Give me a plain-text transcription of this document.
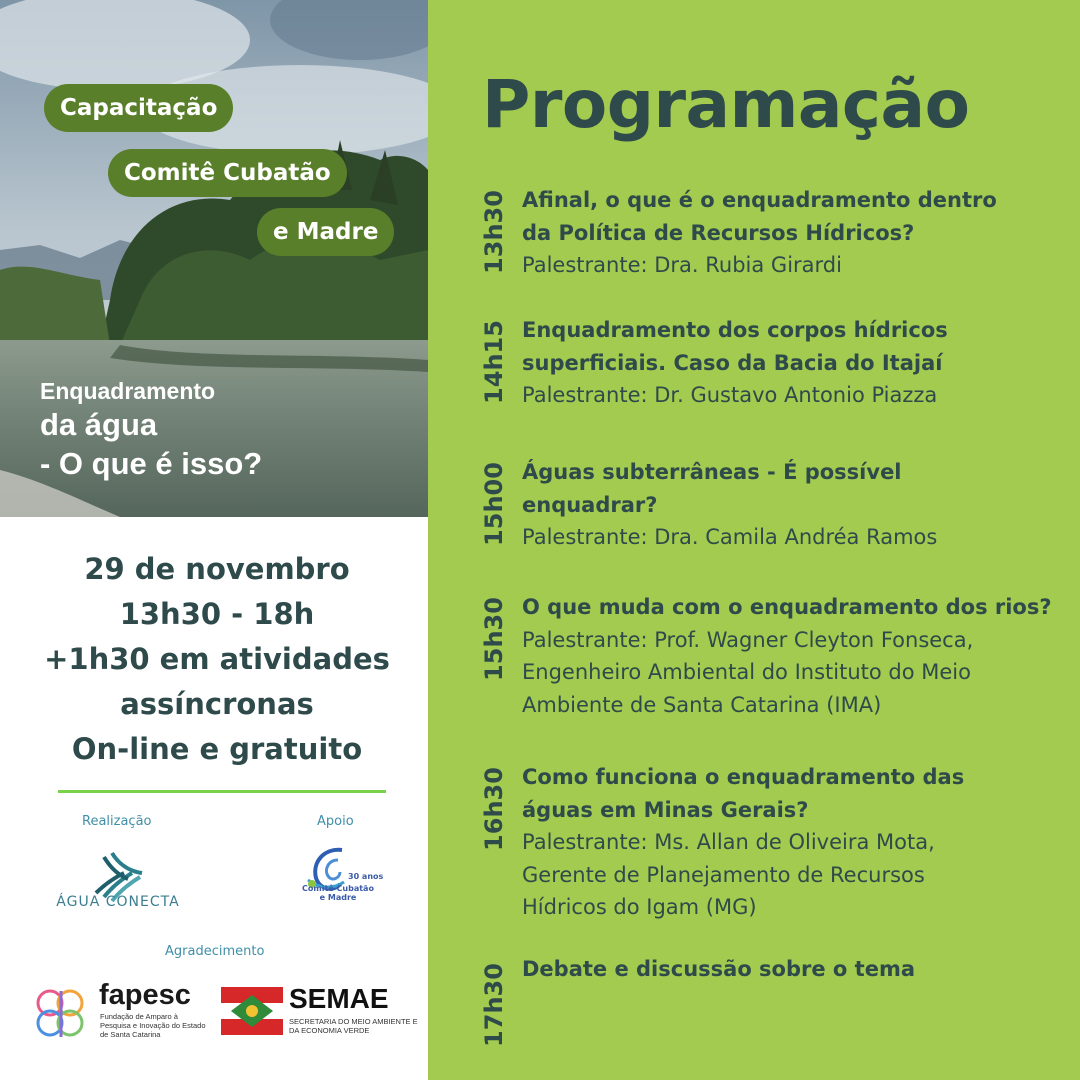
Capacitação
Comitê Cubatão
e Madre
Enquadramento
da água
- O que é isso?
29 de novembro
13h30 - 18h
+1h30 em atividades
assíncronas
On-line e gratuito
Realização	Apoio
ÁGUA CONECTA
30 anos
Comitê Cubatão e Madre
Agradecimento
fapesc
Fundação de Amparo à Pesquisa e Inovação do Estado de Santa Catarina
SEMAE
SECRETARIA DO MEIO AMBIENTE E DA ECONOMIA VERDE
Programação
13h30 Afinal, o que é o enquadramento dentro
da Política de Recursos Hídricos?
Palestrante: Dra. Rubia Girardi
14h15 Enquadramento dos corpos hídricos
superficiais. Caso da Bacia do Itajaí
Palestrante: Dr. Gustavo Antonio Piazza
15h00 Águas subterrâneas - É possível
enquadrar?
Palestrante: Dra. Camila Andréa Ramos
15h30 O que muda com o enquadramento dos rios?
Palestrante: Prof. Wagner Cleyton Fonseca,
Engenheiro Ambiental do Instituto do Meio
Ambiente de Santa Catarina (IMA)
16h30 Como funciona o enquadramento das
águas em Minas Gerais?
Palestrante: Ms. Allan de Oliveira Mota,
Gerente de Planejamento de Recursos
Hídricos do Igam (MG)
17h30 Debate e discussão sobre o tema
